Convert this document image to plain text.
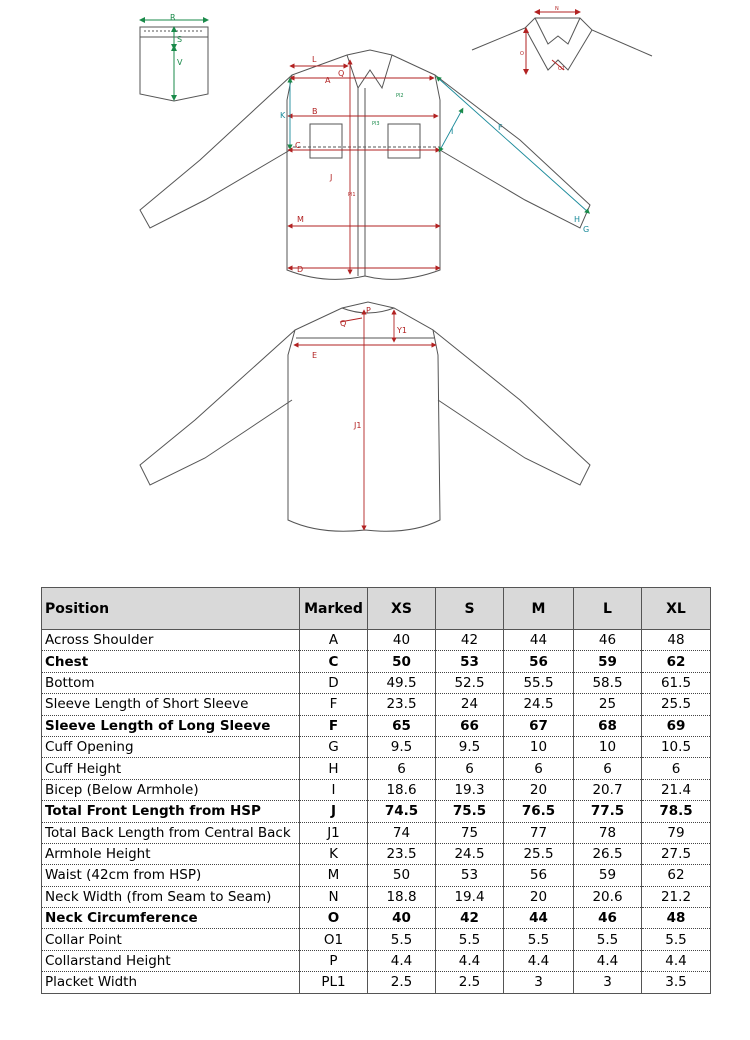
R
S
V
N
O
O1
L
A
Q
B
K
C
J
Pl1
M
D
Pl2
Pl3
I	F
H
G
P
Q
Y1
E
J1
Position	Marked	XS	S	M	L	XL
Across Shoulder	A	40	42	44	46	48
Chest	C	50	53	56	59	62
Bottom	D	49.5	52.5	55.5	58.5	61.5
Sleeve Length of Short Sleeve	F	23.5	24	24.5	25	25.5
Sleeve Length of Long Sleeve	F	65	66	67	68	69
Cuff Opening	G	9.5	9.5	10	10	10.5
Cuff Height	H	6	6	6	6	6
Bicep (Below Armhole)	I	18.6	19.3	20	20.7	21.4
Total Front Length from HSP	J	74.5	75.5	76.5	77.5	78.5
Total Back Length from Central Back	J1	74	75	77	78	79
Armhole Height	K	23.5	24.5	25.5	26.5	27.5
Waist (42cm from HSP)	M	50	53	56	59	62
Neck Width (from Seam to Seam)	N	18.8	19.4	20	20.6	21.2
Neck Circumference	O	40	42	44	46	48
Collar Point	O1	5.5	5.5	5.5	5.5	5.5
Collarstand Height	P	4.4	4.4	4.4	4.4	4.4
Placket Width	PL1	2.5	2.5	3	3	3.5
